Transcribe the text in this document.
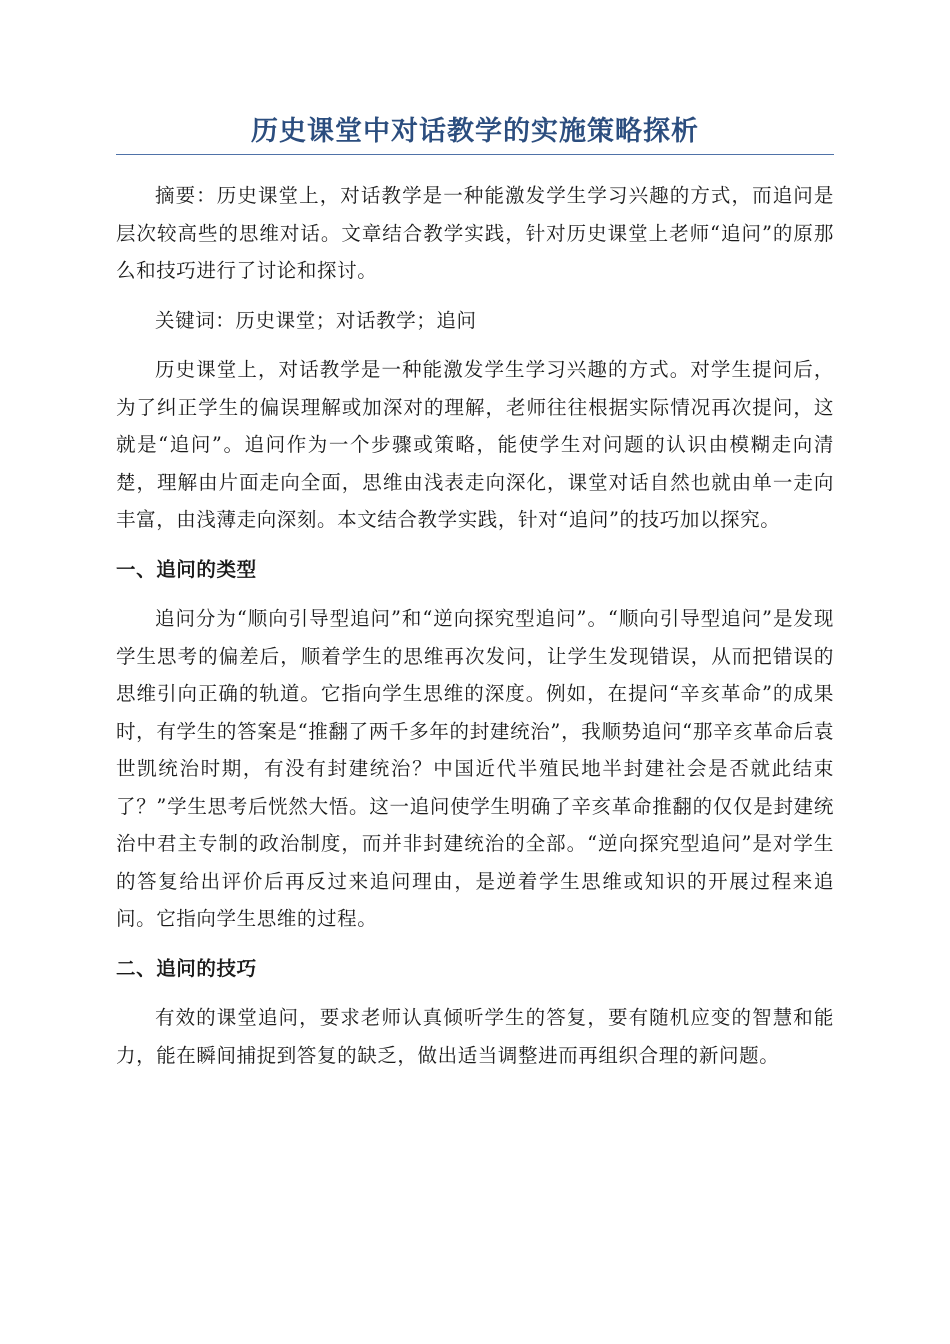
历史课堂中对话教学的实施策略探析

摘要：历史课堂上，对话教学是一种能激发学生学习兴趣的方式，而追问是层次较高些的思维对话。文章结合教学实践，针对历史课堂上老师“追问”的原那么和技巧进行了讨论和探讨。

关键词：历史课堂；对话教学；追问

历史课堂上，对话教学是一种能激发学生学习兴趣的方式。对学生提问后，为了纠正学生的偏误理解或加深对的理解，老师往往根据实际情况再次提问，这就是“追问”。追问作为一个步骤或策略，能使学生对问题的认识由模糊走向清楚，理解由片面走向全面，思维由浅表走向深化，课堂对话自然也就由单一走向丰富，由浅薄走向深刻。本文结合教学实践，针对“追问”的技巧加以探究。

一、追问的类型

追问分为“顺向引导型追问”和“逆向探究型追问”。“顺向引导型追问”是发现学生思考的偏差后，顺着学生的思维再次发问，让学生发现错误，从而把错误的思维引向正确的轨道。它指向学生思维的深度。例如，在提问“辛亥革命”的成果时，有学生的答案是“推翻了两千多年的封建统治”，我顺势追问“那辛亥革命后袁世凯统治时期，有没有封建统治？中国近代半殖民地半封建社会是否就此结束了？”学生思考后恍然大悟。这一追问使学生明确了辛亥革命推翻的仅仅是封建统治中君主专制的政治制度，而并非封建统治的全部。“逆向探究型追问”是对学生的答复给出评价后再反过来追问理由，是逆着学生思维或知识的开展过程来追问。它指向学生思维的过程。

二、追问的技巧

有效的课堂追问，要求老师认真倾听学生的答复，要有随机应变的智慧和能力，能在瞬间捕捉到答复的缺乏，做出适当调整进而再组织合理的新问题。
